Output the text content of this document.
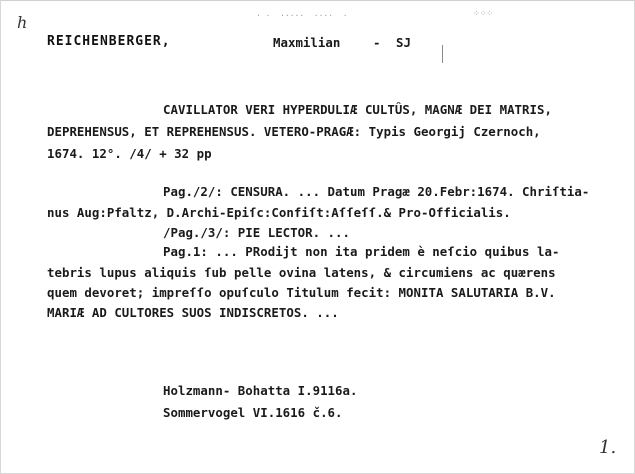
h	· ·  ·····  ····  ·	⁘⁘⁘
REICHENBERGER,	Maxmilian	- SJ
CAVILLATOR VERI HYPERDULIÆ CULTÛS, MAGNÆ DEI MATRIS,
DEPREHENSUS, ET REPREHENSUS. VETERO-PRAGÆ: Typis Georgij Czernoch,
1674. 12°. /4/ + 32 pp
Pag./2/: CENSURA. ... Datum Pragæ 20.Febr:1674. Chriſtia-
nus Aug:Pfaltz, D.Archi-Epiſc:Confiſt:Aſſeſſ.& Pro-Officialis.
/Pag./3/: PIE LECTOR. ...
Pag.1: ... PRodijt non ita pridem è neſcio quibus la-
tebris lupus aliquis ſub pelle ovina latens, & circumiens ac quærens
quem devoret; impreſſo opuſculo Titulum fecit: MONITA SALUTARIA B.V.
MARIÆ AD CULTORES SUOS INDISCRETOS. ...
Holzmann- Bohatta I.9116a.
Sommervogel VI.1616 č.6.
1.
